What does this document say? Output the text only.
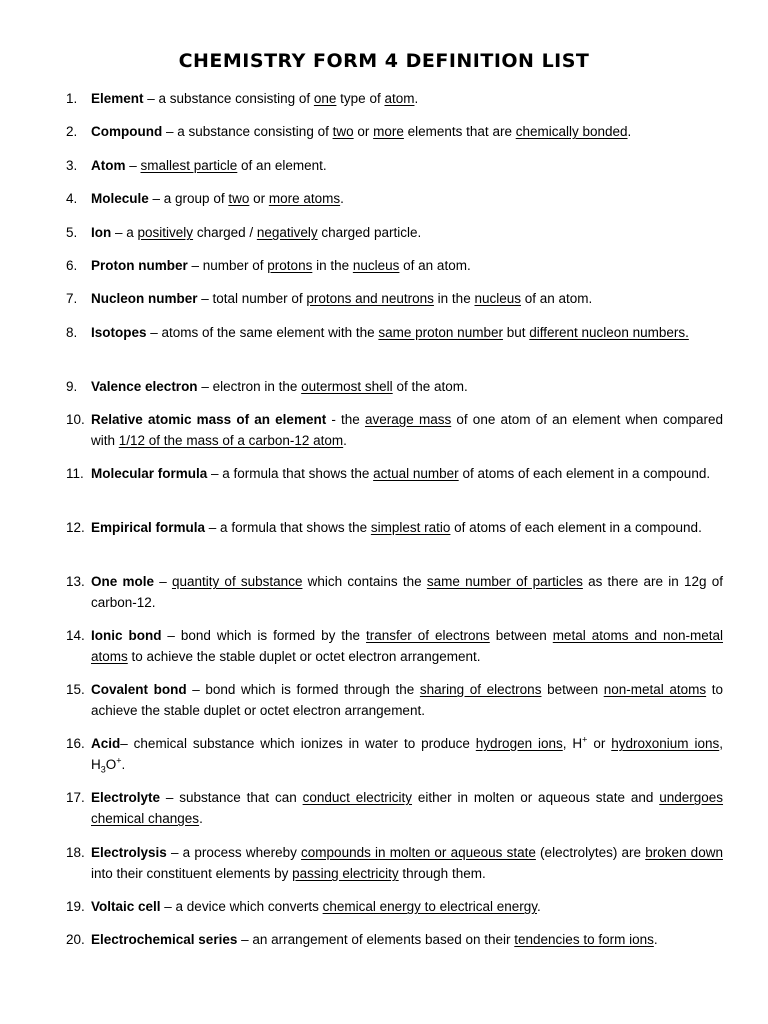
CHEMISTRY FORM 4 DEFINITION LIST
1. Element – a substance consisting of one type of atom.
2. Compound – a substance consisting of two or more elements that are chemically bonded.
3. Atom – smallest particle of an element.
4. Molecule – a group of two or more atoms.
5. Ion – a positively charged / negatively charged particle.
6. Proton number – number of protons in the nucleus of an atom.
7. Nucleon number – total number of protons and neutrons in the nucleus of an atom.
8. Isotopes – atoms of the same element with the same proton number but different nucleon numbers.
9. Valence electron – electron in the outermost shell of the atom.
10. Relative atomic mass of an element - the average mass of one atom of an element when compared with 1/12 of the mass of a carbon-12 atom.
11. Molecular formula – a formula that shows the actual number of atoms of each element in a compound.
12. Empirical formula – a formula that shows the simplest ratio of atoms of each element in a compound.
13. One mole – quantity of substance which contains the same number of particles as there are in 12g of carbon-12.
14. Ionic bond – bond which is formed by the transfer of electrons between metal atoms and non-metal atoms to achieve the stable duplet or octet electron arrangement.
15. Covalent bond – bond which is formed through the sharing of electrons between non-metal atoms to achieve the stable duplet or octet electron arrangement.
16. Acid– chemical substance which ionizes in water to produce hydrogen ions, H+ or hydroxonium ions, $H_3O^+$.
17. Electrolyte – substance that can conduct electricity either in molten or aqueous state and undergoes chemical changes.
18. Electrolysis – a process whereby compounds in molten or aqueous state (electrolytes) are broken down into their constituent elements by passing electricity through them.
19. Voltaic cell – a device which converts chemical energy to electrical energy.
20. Electrochemical series – an arrangement of elements based on their tendencies to form ions.
